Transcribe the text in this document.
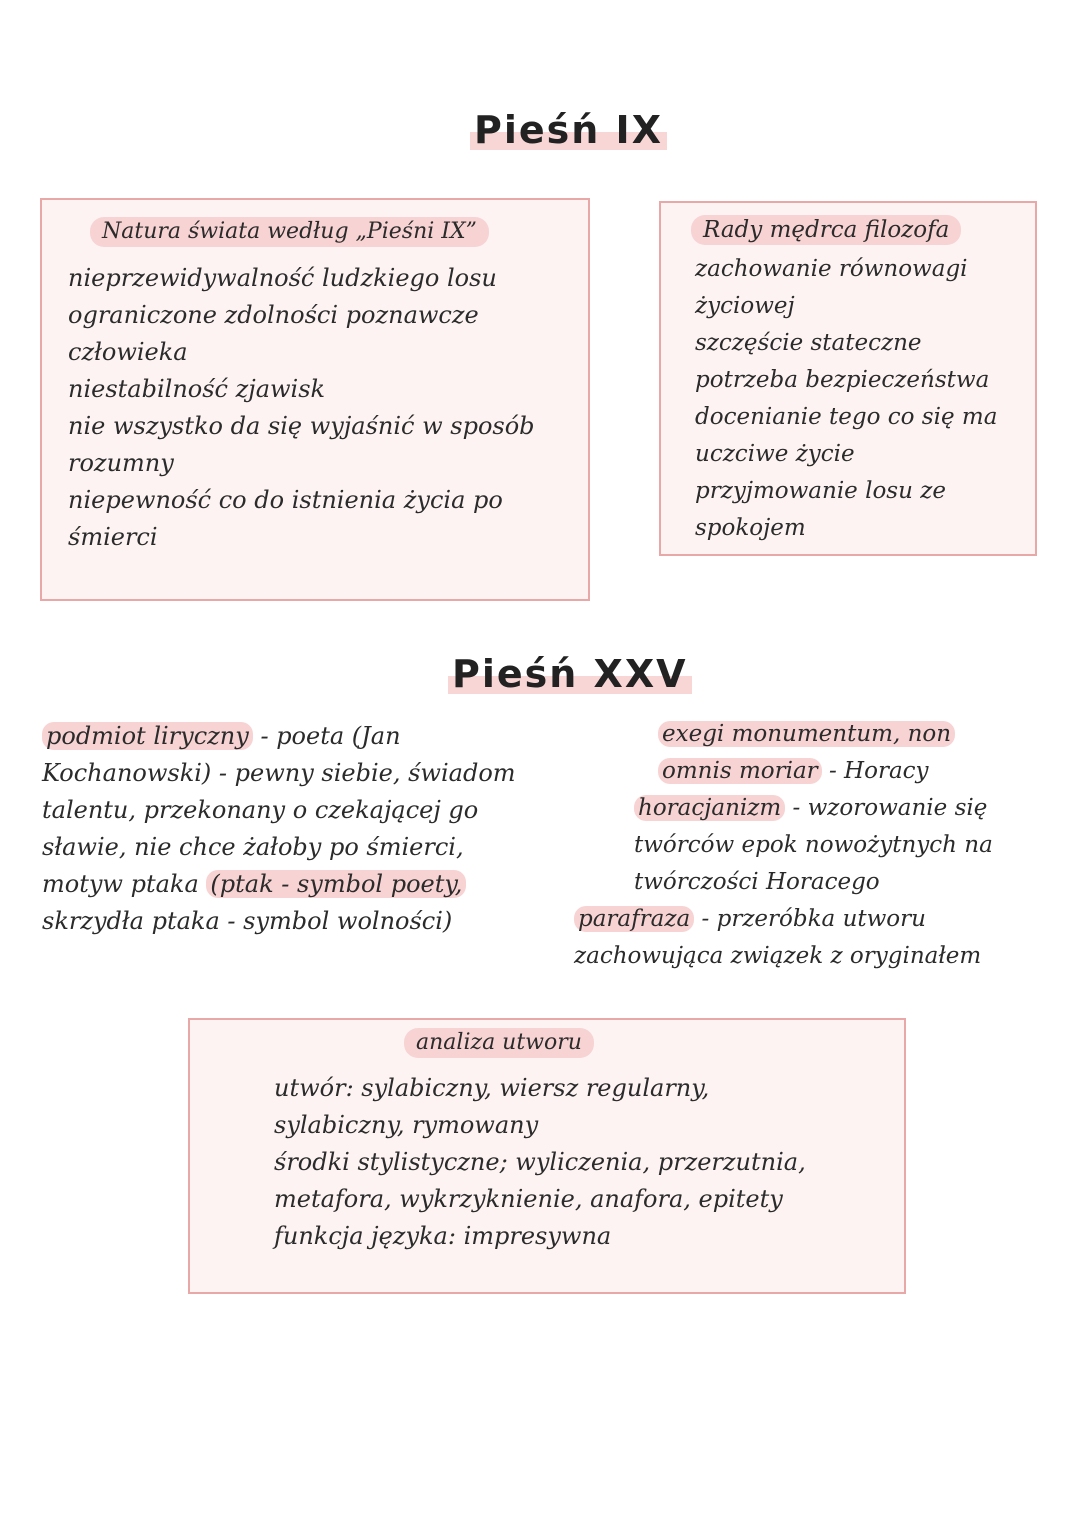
Pieśń IX
Natura świata według „Pieśni IX”
nieprzewidywalność ludzkiego losu
ograniczone zdolności poznawcze
człowieka
niestabilność zjawisk
nie wszystko da się wyjaśnić w sposób
rozumny
niepewność co do istnienia życia po
śmierci
Rady mędrca filozofa
zachowanie równowagi
życiowej
szczęście stateczne
potrzeba bezpieczeństwa
docenianie tego co się ma
uczciwe życie
przyjmowanie losu ze
spokojem
Pieśń XXV

podmiot liryczny - poeta (Jan

Kochanowski) - pewny siebie, świadom

talentu, przekonany o czekającej go

sławie, nie chce żałoby po śmierci,

motyw ptaka (ptak - symbol poety,

skrzydła ptaka - symbol wolności)

exegi monumentum, non

omnis moriar - Horacy

horacjanizm - wzorowanie się

twórców epok nowożytnych na

twórczości Horacego

parafraza - przeróbka utworu

zachowująca związek z oryginałem

analiza utworu
utwór: sylabiczny, wiersz regularny,
sylabiczny, rymowany
środki stylistyczne; wyliczenia, przerzutnia,
metafora, wykrzyknienie, anafora, epitety
funkcja języka: impresywna
